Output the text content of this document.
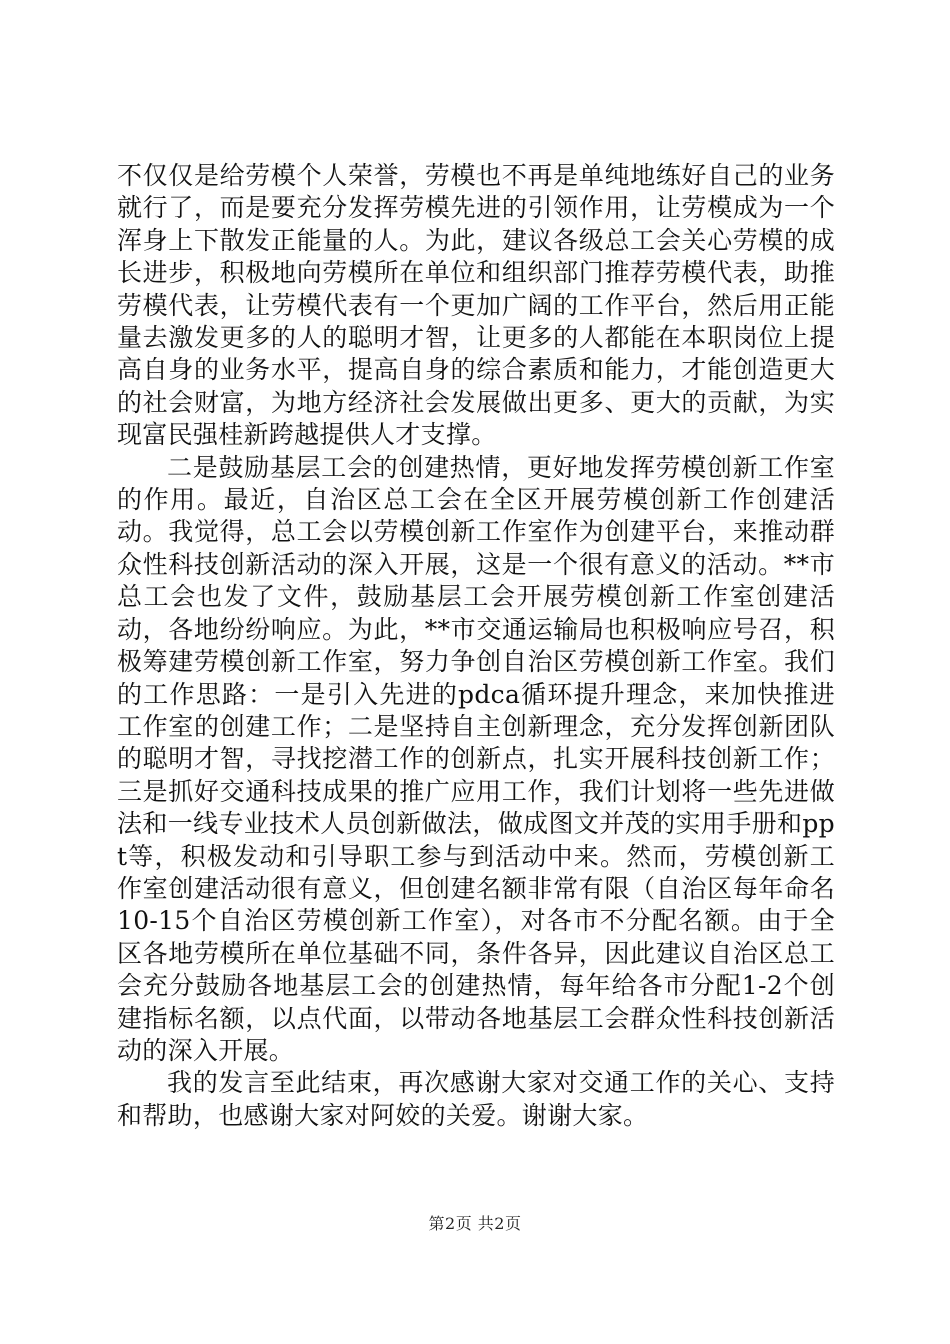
不仅仅是给劳模个人荣誉，劳模也不再是单纯地练好自己的业务就行了，而是要充分发挥劳模先进的引领作用，让劳模成为一个浑身上下散发正能量的人。为此，建议各级总工会关心劳模的成长进步，积极地向劳模所在单位和组织部门推荐劳模代表，助推劳模代表，让劳模代表有一个更加广阔的工作平台，然后用正能量去激发更多的人的聪明才智，让更多的人都能在本职岗位上提高自身的业务水平，提高自身的综合素质和能力，才能创造更大的社会财富，为地方经济社会发展做出更多、更大的贡献，为实现富民强桂新跨越提供人才支撑。

二是鼓励基层工会的创建热情，更好地发挥劳模创新工作室的作用。最近，自治区总工会在全区开展劳模创新工作创建活动。我觉得，总工会以劳模创新工作室作为创建平台，来推动群众性科技创新活动的深入开展，这是一个很有意义的活动。**市总工会也发了文件，鼓励基层工会开展劳模创新工作室创建活动，各地纷纷响应。为此，**市交通运输局也积极响应号召，积极筹建劳模创新工作室，努力争创自治区劳模创新工作室。我们的工作思路：一是引入先进的pdca循环提升理念，来加快推进工作室的创建工作；二是坚持自主创新理念，充分发挥创新团队的聪明才智，寻找挖潜工作的创新点，扎实开展科技创新工作；三是抓好交通科技成果的推广应用工作，我们计划将一些先进做法和一线专业技术人员创新做法，做成图文并茂的实用手册和ppt等，积极发动和引导职工参与到活动中来。然而，劳模创新工作室创建活动很有意义，但创建名额非常有限（自治区每年命名10-15个自治区劳模创新工作室），对各市不分配名额。由于全区各地劳模所在单位基础不同，条件各异，因此建议自治区总工会充分鼓励各地基层工会的创建热情，每年给各市分配1-2个创建指标名额，以点代面，以带动各地基层工会群众性科技创新活动的深入开展。

我的发言至此结束，再次感谢大家对交通工作的关心、支持和帮助，也感谢大家对阿姣的关爱。谢谢大家。

第2页 共2页
